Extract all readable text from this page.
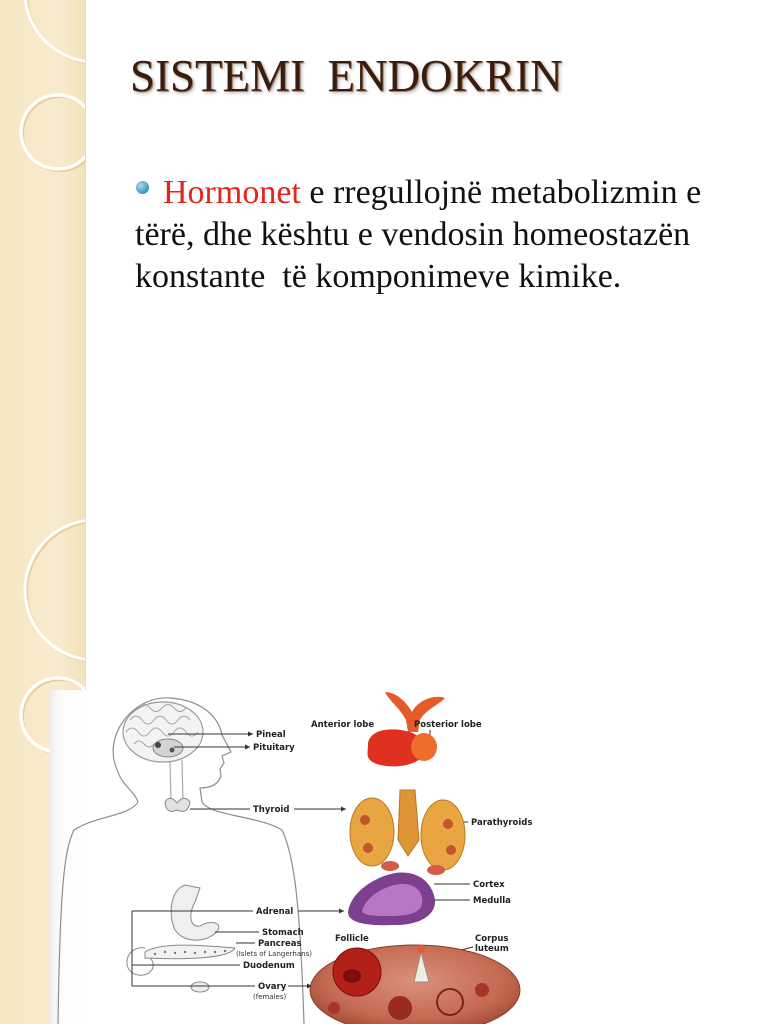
SISTEMI  ENDOKRIN

Hormonet e rregullojnë metabolizmin e tërë, dhe kështu e vendosin homeostazën konstante  të komponimeve kimike.

Pineal
Pituitary
Anterior lobe	Posterior lobe
Thyroid
Parathyroids
Adrenal
Cortex
Medulla
Stomach
Pancreas
(Islets of Langerhans)
Duodenum
Follicle	Corpus
luteum
Ovary
(females)
